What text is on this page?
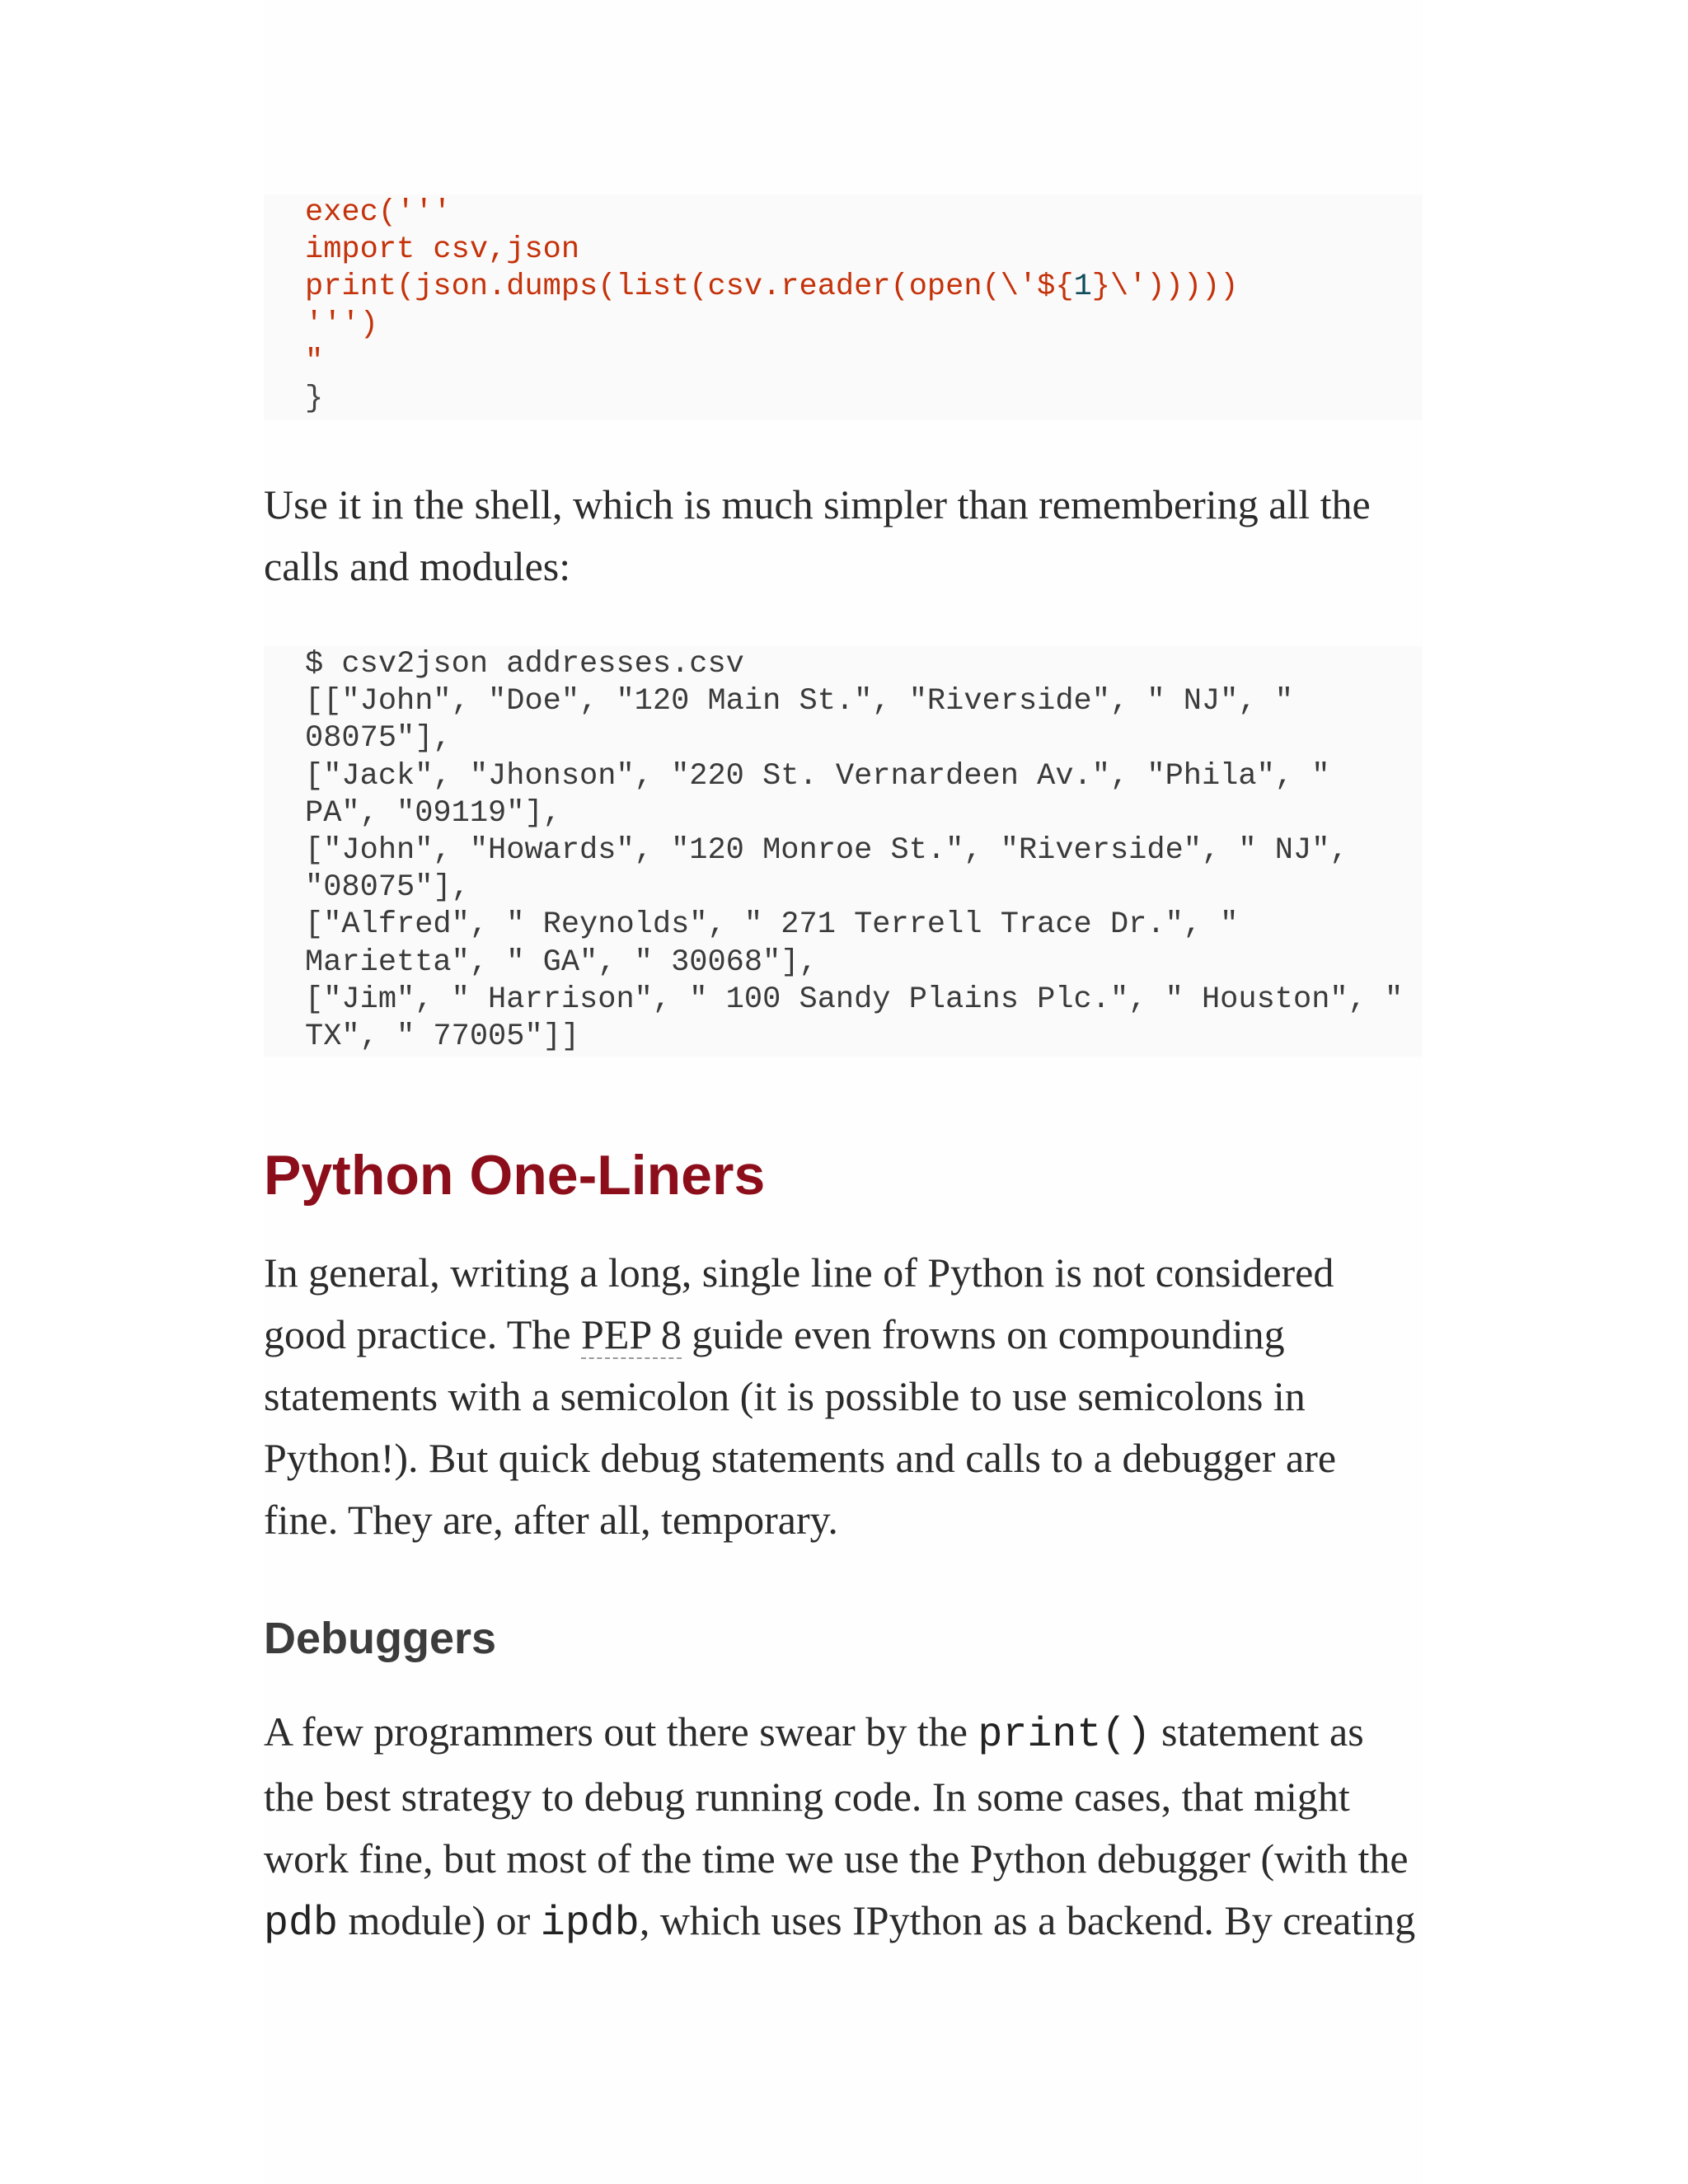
exec('''
import csv,json
print(json.dumps(list(csv.reader(open(\'${1}\')))))
''')
"
}

Use it in the shell, which is much simpler than remembering all the
calls and modules:

$ csv2json addresses.csv
[["John", "Doe", "120 Main St.", "Riverside", " NJ", "
08075"],
["Jack", "Jhonson", "220 St. Vernardeen Av.", "Phila", "
PA", "09119"],
["John", "Howards", "120 Monroe St.", "Riverside", " NJ",
"08075"],
["Alfred", " Reynolds", " 271 Terrell Trace Dr.", "
Marietta", " GA", " 30068"],
["Jim", " Harrison", " 100 Sandy Plains Plc.", " Houston", "
TX", " 77005"]]
Python One-Liners

In general, writing a long, single line of Python is not considered
good practice. The PEP 8 guide even frowns on compounding
statements with a semicolon (it is possible to use semicolons in
Python!). But quick debug statements and calls to a debugger are
fine. They are, after all, temporary.

Debuggers

A few programmers out there swear by the print() statement as
the best strategy to debug running code. In some cases, that might
work fine, but most of the time we use the Python debugger (with the
pdb module) or ipdb, which uses IPython as a backend. By creating
